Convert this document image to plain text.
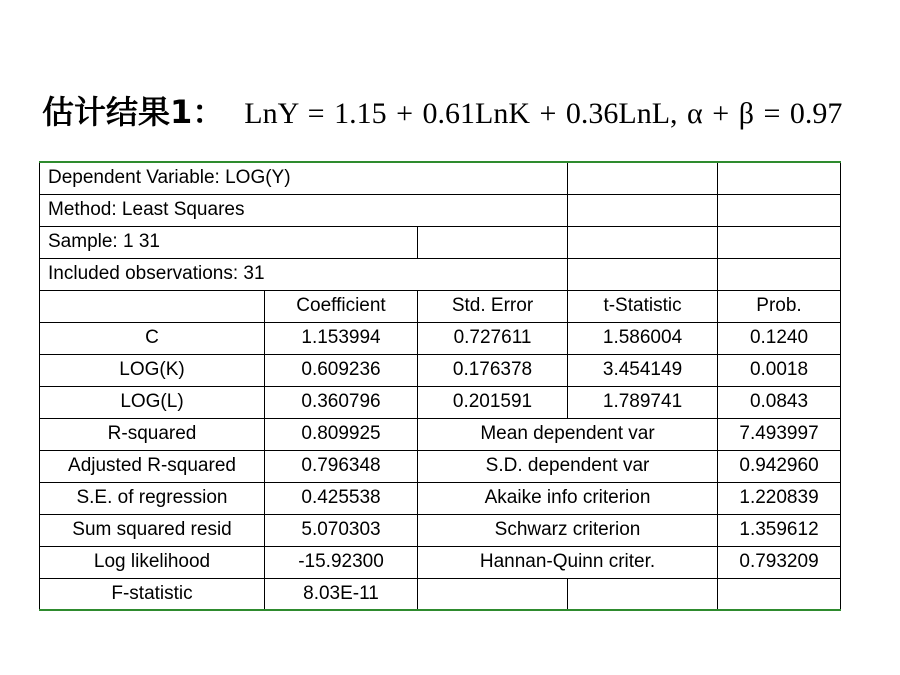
估计结果1： LnY = 1.15 + 0.61LnK + 0.36LnL, α + β = 0.97
Dependent Variable: LOG(Y)				
Method: Least Squares				
Sample: 1 31				
Included observations: 31				
	Coefficient	Std. Error	t-Statistic	Prob.
C	1.153994	0.727611	1.586004	0.1240
LOG(K)	0.609236	0.176378	3.454149	0.0018
LOG(L)	0.360796	0.201591	1.789741	0.0843
R-squared	0.809925	Mean dependent var		7.493997
Adjusted R-squared	0.796348	S.D. dependent var		0.942960
S.E. of regression	0.425538	Akaike info criterion		1.220839
Sum squared resid	5.070303	Schwarz criterion		1.359612
Log likelihood	-15.92300	Hannan-Quinn criter.		0.793209
F-statistic	8.03E-11			
